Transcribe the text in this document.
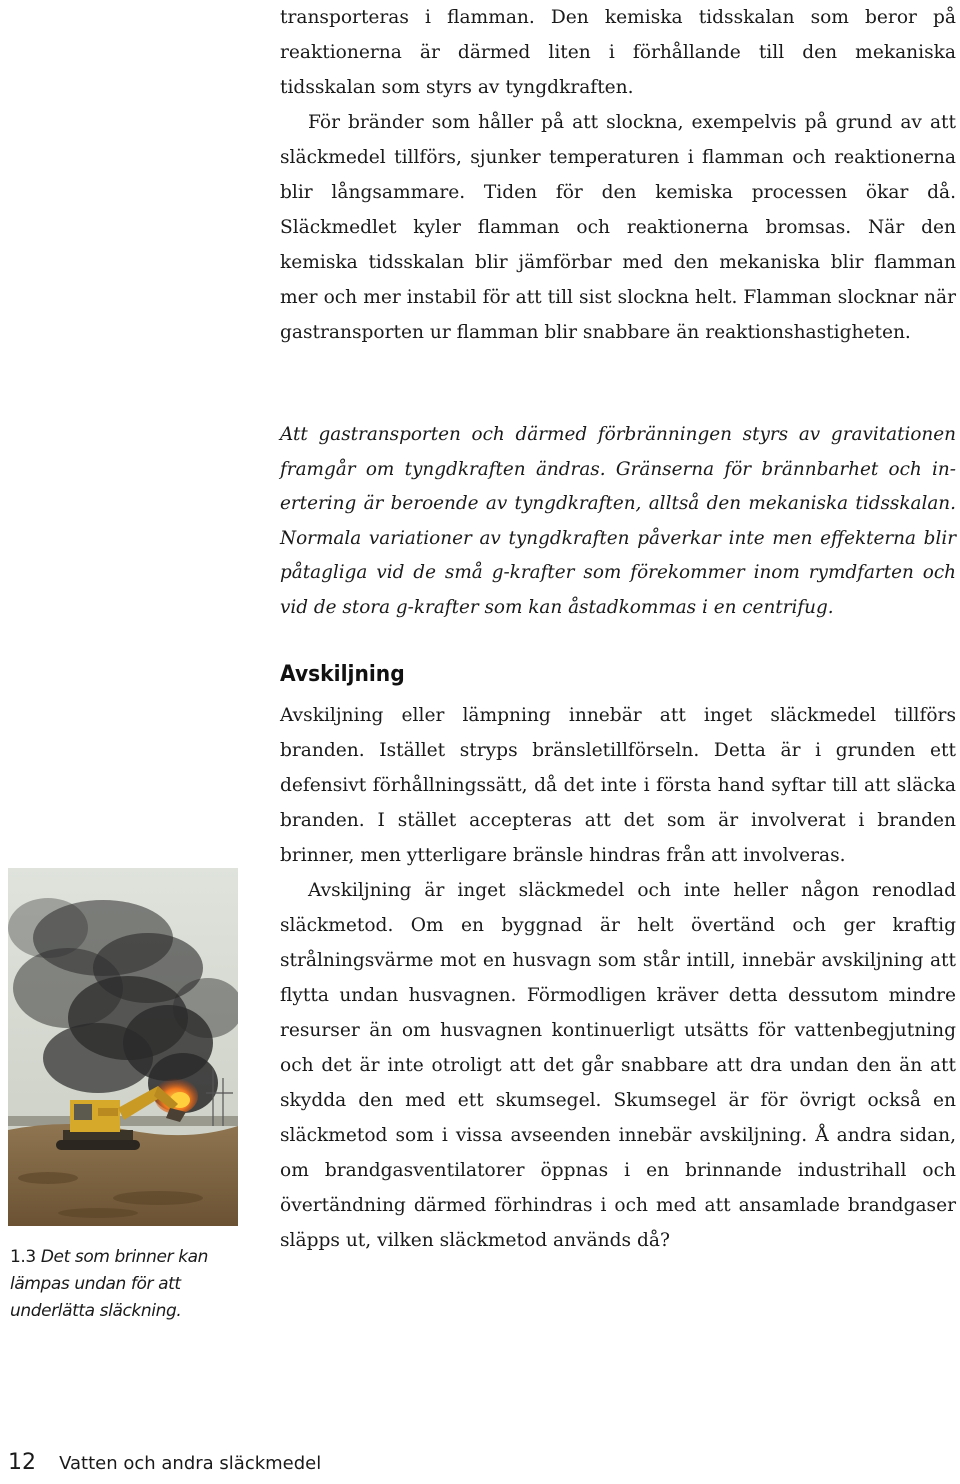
transporteras i flamman. Den kemiska tidsskalan som beror på reaktionerna är därmed liten i förhållande till den mekaniska tidsskalan som styrs av tyngdkraften.

För bränder som håller på att slockna, exempelvis på grund av att släckmedel tillförs, sjunker temperaturen i flamman och reaktionerna blir långsammare. Tiden för den kemiska processen ökar då. Släckmedlet kyler flamman och reaktionerna bromsas. När den kemiska tidsskalan blir jämförbar med den mekaniska blir flamman mer och mer instabil för att till sist slockna helt. Flamman slocknar när gastransporten ur flamman blir snabbare än reaktionshastigheten.

Att gastransporten och därmed förbränningen styrs av gravitationen framgår om tyngdkraften ändras. Gränserna för brännbarhet och inertering är beroende av tyngdkraften, alltså den mekaniska tidsskalan. Normala variationer av tyngdkraften påverkar inte men effekterna blir påtagliga vid de små g-krafter som förekommer inom rymdfarten och vid de stora g-krafter som kan åstadkommas i en centrifug.

Avskiljning

Avskiljning eller lämpning innebär att inget släckmedel tillförs branden. Istället stryps bränsletillförseln. Detta är i grunden ett defensivt förhållningssätt, då det inte i första hand syftar till att släcka branden. I stället accepteras att det som är involverat i branden brinner, men ytterligare bränsle hindras från att involveras.

Avskiljning är inget släckmedel och inte heller någon renodlad släckmetod. Om en byggnad är helt övertänd och ger kraftig strålningsvärme mot en husvagn som står intill, innebär avskiljning att flytta undan husvagnen. Förmodligen kräver detta dessutom mindre resurser än om husvagnen kontinuerligt utsätts för vattenbegjutning och det är inte otroligt att det går snabbare att dra undan den än att skydda den med ett skumsegel. Skumsegel är för övrigt också en släckmetod som i vissa avseenden innebär avskiljning. Å andra sidan, om brandgasventilatorer öppnas i en brinnande industrihall och övertändning därmed förhindras i och med att ansamlade brandgaser släpps ut, vilken släckmetod används då?

1.3 Det som brinner kan lämpas undan för att underlätta släckning.
12 Vatten och andra släckmedel
